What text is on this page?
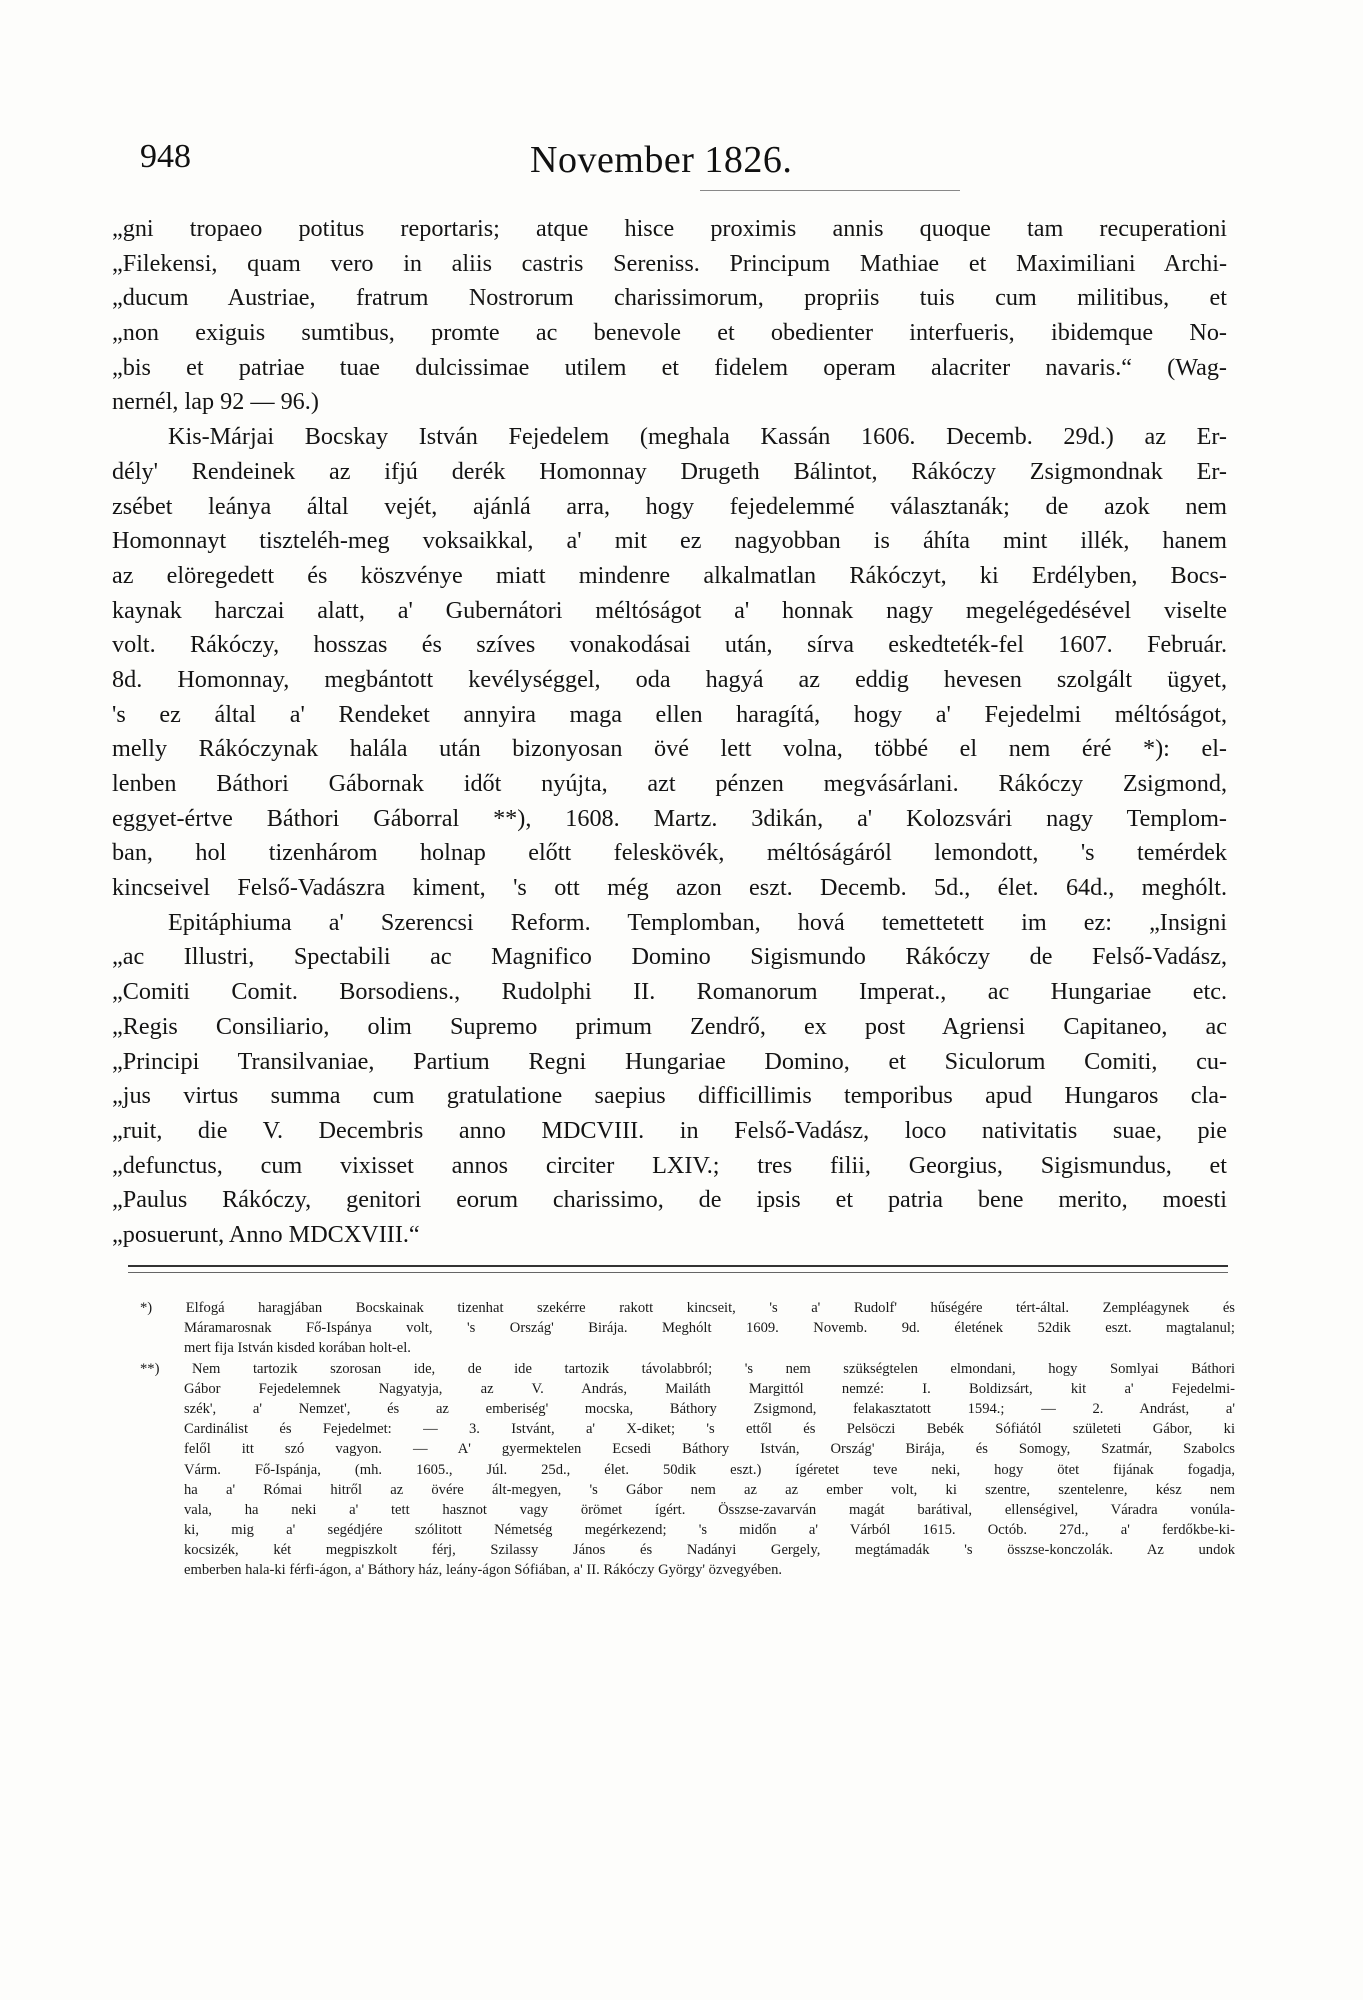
948	November 1826.
„gni tropaeo potitus reportaris; atque hisce proximis annis quoque tam recuperationi
„Filekensi, quam vero in aliis castris Sereniss. Principum Mathiae et Maximiliani Archi-
„ducum Austriae, fratrum Nostrorum charissimorum, propriis tuis cum militibus, et
„non exiguis sumtibus, promte ac benevole et obedienter interfueris, ibidemque No-
„bis et patriae tuae dulcissimae utilem et fidelem operam alacriter navaris.“ (Wag-
nernél, lap 92 — 96.)
Kis-Márjai Bocskay István Fejedelem (meghala Kassán 1606. Decemb. 29d.) az Er-
dély' Rendeinek az ifjú derék Homonnay Drugeth Bálintot, Rákóczy Zsigmondnak Er-
zsébet leánya által vejét, ajánlá arra, hogy fejedelemmé választanák; de azok nem
Homonnayt tiszteléh-meg voksaikkal, a' mit ez nagyobban is áhíta mint illék, hanem
az elöregedett és köszvénye miatt mindenre alkalmatlan Rákóczyt, ki Erdélyben, Bocs-
kaynak harczai alatt, a' Gubernátori méltóságot a' honnak nagy megelégedésével viselte
volt. Rákóczy, hosszas és szíves vonakodásai után, sírva eskedteték-fel 1607. Február.
8d. Homonnay, megbántott kevélységgel, oda hagyá az eddig hevesen szolgált ügyet,
's ez által a' Rendeket annyira maga ellen haragítá, hogy a' Fejedelmi méltóságot,
melly Rákóczynak halála után bizonyosan övé lett volna, többé el nem éré *): el-
lenben Báthori Gábornak időt nyújta, azt pénzen megvásárlani. Rákóczy Zsigmond,
eggyet-értve Báthori Gáborral **), 1608. Martz. 3dikán, a' Kolozsvári nagy Templom-
ban, hol tizenhárom holnap előtt feleskövék, méltóságáról lemondott, 's temérdek
kincseivel Felső-Vadászra kiment, 's ott még azon eszt. Decemb. 5d., élet. 64d., meghólt.
Epitáphiuma a' Szerencsi Reform. Templomban, hová temettetett im ez: „Insigni
„ac Illustri, Spectabili ac Magnifico Domino Sigismundo Rákóczy de Felső-Vadász,
„Comiti Comit. Borsodiens., Rudolphi II. Romanorum Imperat., ac Hungariae etc.
„Regis Consiliario, olim Supremo primum Zendrő, ex post Agriensi Capitaneo, ac
„Principi Transilvaniae, Partium Regni Hungariae Domino, et Siculorum Comiti, cu-
„jus virtus summa cum gratulatione saepius difficillimis temporibus apud Hungaros cla-
„ruit, die V. Decembris anno MDCVIII. in Felső-Vadász, loco nativitatis suae, pie
„defunctus, cum vixisset annos circiter LXIV.; tres filii, Georgius, Sigismundus, et
„Paulus Rákóczy, genitori eorum charissimo, de ipsis et patria bene merito, moesti
„posuerunt, Anno MDCXVIII.“
*) Elfogá haragjában Bocskainak tizenhat szekérre rakott kincseit, 's a' Rudolf' hűségére tért-által. Zempléagynek és
Máramarosnak Fő-Ispánya volt, 's Ország' Birája. Meghólt 1609. Novemb. 9d. életének 52dik eszt. magtalanul;
mert fija István kisded korában holt-el.
**) Nem tartozik szorosan ide, de ide tartozik távolabbról; 's nem szükségtelen elmondani, hogy Somlyai Báthori
Gábor Fejedelemnek Nagyatyja, az V. András, Mailáth Margittól nemzé: I. Boldizsárt, kit a' Fejedelmi-
szék', a' Nemzet', és az emberiség' mocska, Báthory Zsigmond, felakasztatott 1594.; — 2. Andrást, a'
Cardinálist és Fejedelmet: — 3. Istvánt, a' X-diket; 's ettől és Pelsöczi Bebék Sófiától születeti Gábor, ki
felől itt szó vagyon. — A' gyermektelen Ecsedi Báthory István, Ország' Birája, és Somogy, Szatmár, Szabolcs
Várm. Fő-Ispánja, (mh. 1605., Júl. 25d., élet. 50dik eszt.) ígéretet teve neki, hogy ötet fijának fogadja,
ha a' Római hitről az övére ált-megyen, 's Gábor nem az az ember volt, ki szentre, szentelenre, kész nem
vala, ha neki a' tett hasznot vagy örömet ígért. Összse-zavarván magát barátival, ellenségivel, Váradra vonúla-
ki, mig a' segédjére szólitott Németség megérkezend; 's midőn a' Várból 1615. Octób. 27d., a' ferdőkbe-ki-
kocsizék, két megpiszkolt férj, Szilassy János és Nadányi Gergely, megtámadák 's összse-konczolák. Az undok
emberben hala-ki férfi-ágon, a' Báthory ház, leány-ágon Sófiában, a' II. Rákóczy György' özvegyében.
